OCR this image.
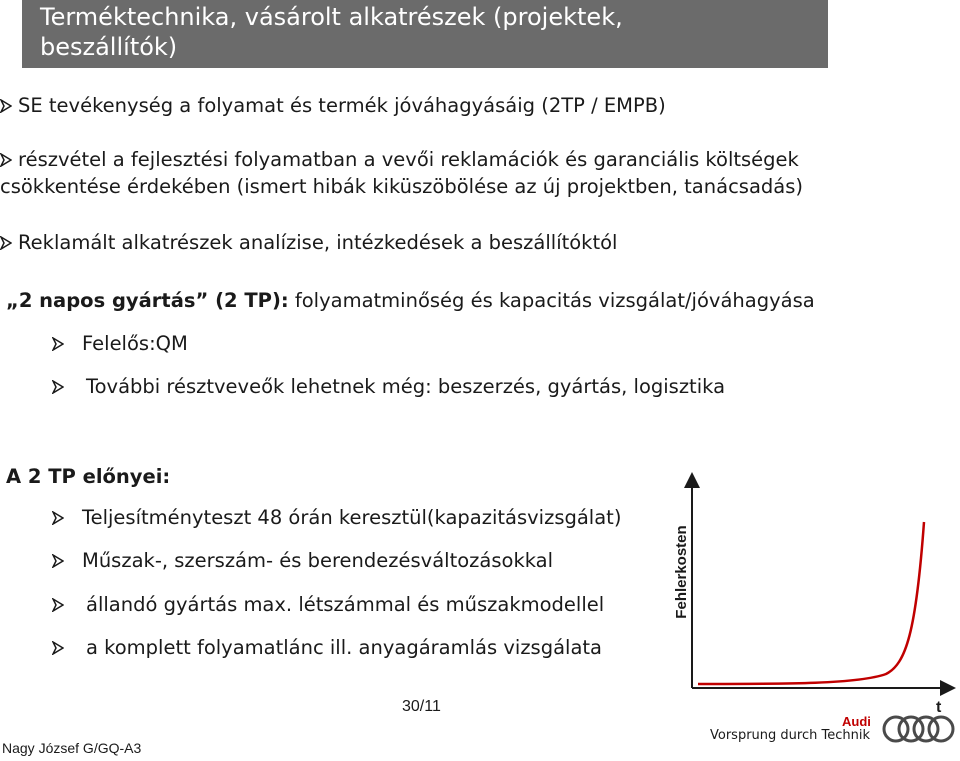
Terméktechnika, vásárolt alkatrészek (projektek,
beszállítók)
SE tevékenység a folyamat és termék jóváhagyásáig (2TP / EMPB)
részvétel a fejlesztési folyamatban a vevői reklamációk és garanciális költségek
csökkentése érdekében (ismert hibák kiküszöbölése az új projektben, tanácsadás)
Reklamált alkatrészek analízise, intézkedések a beszállítóktól
„2 napos gyártás” (2 TP): folyamatminőség és kapacitás vizsgálat/jóváhagyása
Felelős:QM
További résztveveők lehetnek még: beszerzés, gyártás, logisztika
A 2 TP előnyei:
Teljesítményteszt 48 órán keresztül(kapazitásvizsgálat)
Műszak-, szerszám- és berendezésváltozásokkal
állandó gyártás max. létszámmal és műszakmodellel
a komplett folyamatlánc ill. anyagáramlás vizsgálata
Fehlerkosten
t
30/11
Nagy József G/GQ-A3
Audi
Vorsprung durch Technik
